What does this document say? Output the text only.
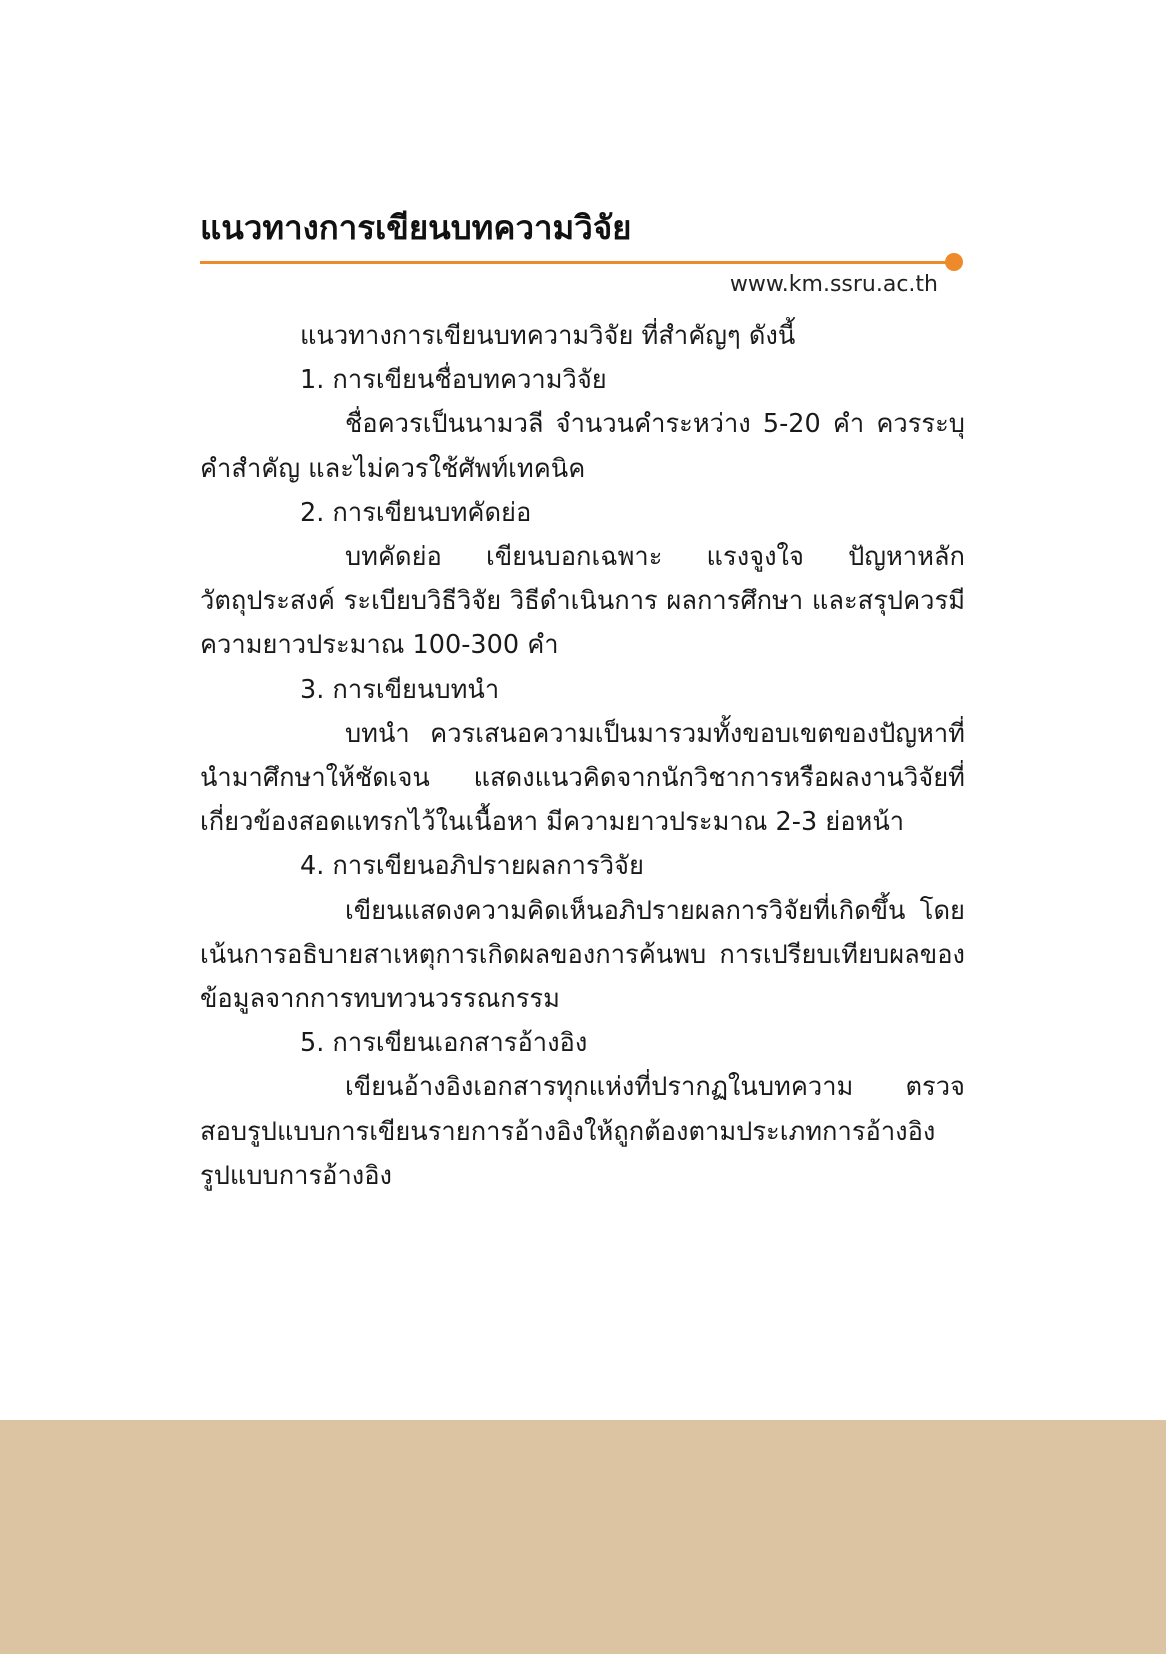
แนวทางการเขียนบทความวิจัย
www.km.ssru.ac.th

แนวทางการเขียนบทความวิจัย ที่สำคัญๆ ดังนี้

1. การเขียนชื่อบทความวิจัย

ชื่อควรเป็นนามวลี จำนวนคำระหว่าง 5-20 คำ ควรระบุคำสำคัญ และไม่ควรใช้ศัพท์เทคนิค

2. การเขียนบทคัดย่อ

บทคัดย่อ เขียนบอกเฉพาะ แรงจูงใจ ปัญหาหลัก วัตถุประสงค์ ระเบียบวิธีวิจัย วิธีดำเนินการ ผลการศึกษา และสรุปควรมีความยาวประมาณ 100-300 คำ

3. การเขียนบทนำ

บทนำ ควรเสนอความเป็นมารวมทั้งขอบเขตของปัญหาที่นำมาศึกษาให้ชัดเจน แสดงแนวคิดจากนักวิชาการหรือผลงานวิจัยที่เกี่ยวข้องสอดแทรกไว้ในเนื้อหา มีความยาวประมาณ 2-3 ย่อหน้า

4. การเขียนอภิปรายผลการวิจัย

เขียนแสดงความคิดเห็นอภิปรายผลการวิจัยที่เกิดขึ้น โดยเน้นการอธิบายสาเหตุการเกิดผลของการค้นพบ การเปรียบเทียบผลของข้อมูลจากการทบทวนวรรณกรรม

5. การเขียนเอกสารอ้างอิง

เขียนอ้างอิงเอกสารทุกแห่งที่ปรากฏในบทความ ตรวจสอบรูปแบบการเขียนรายการอ้างอิงให้ถูกต้องตามประเภทการอ้างอิง รูปแบบการอ้างอิง
